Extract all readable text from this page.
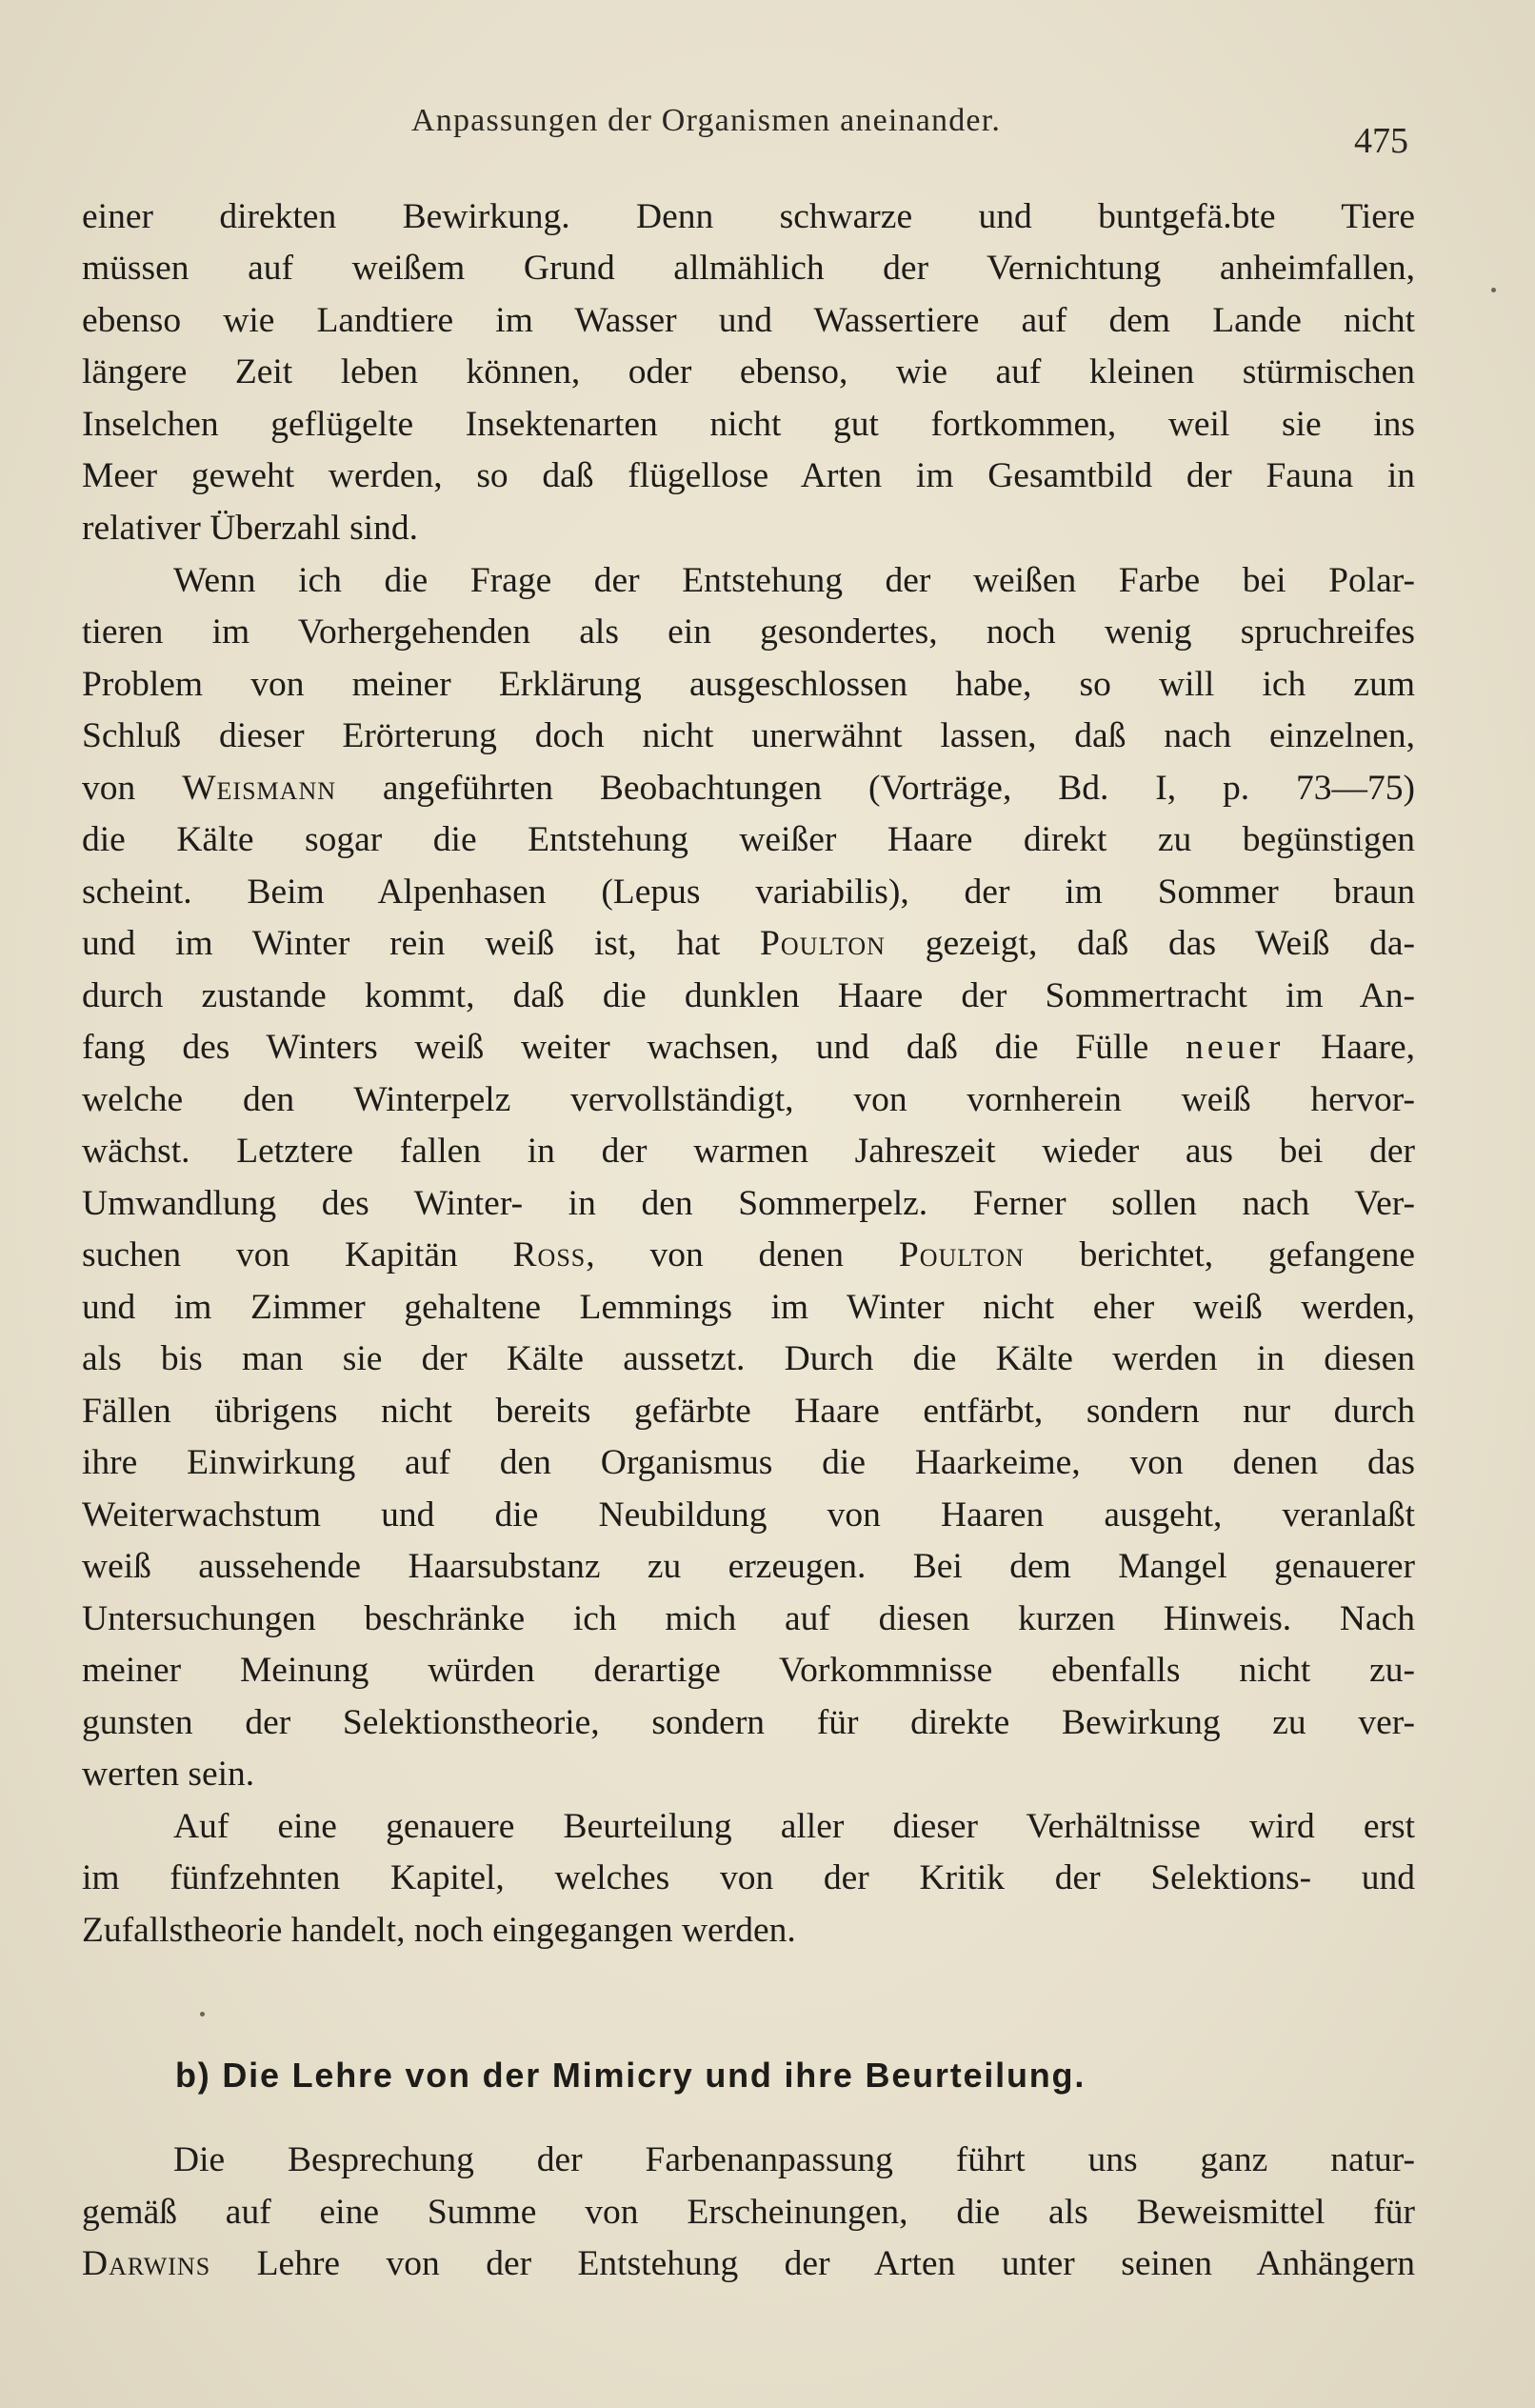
Anpassungen der Organismen aneinander.
475
einer direkten Bewirkung. Denn schwarze und buntgefä.bte Tiere
müssen auf weißem Grund allmählich der Vernichtung anheimfallen,
ebenso wie Landtiere im Wasser und Wassertiere auf dem Lande nicht
längere Zeit leben können, oder ebenso, wie auf kleinen stürmischen
Inselchen geflügelte Insektenarten nicht gut fortkommen, weil sie ins
Meer geweht werden, so daß flügellose Arten im Gesamtbild der Fauna in
relativer Überzahl sind.
Wenn ich die Frage der Entstehung der weißen Farbe bei Polar-
tieren im Vorhergehenden als ein gesondertes, noch wenig spruchreifes
Problem von meiner Erklärung ausgeschlossen habe, so will ich zum
Schluß dieser Erörterung doch nicht unerwähnt lassen, daß nach einzelnen,
von Weismann angeführten Beobachtungen (Vorträge, Bd. I, p. 73—75)
die Kälte sogar die Entstehung weißer Haare direkt zu begünstigen
scheint. Beim Alpenhasen (Lepus variabilis), der im Sommer braun
und im Winter rein weiß ist, hat Poulton gezeigt, daß das Weiß da-
durch zustande kommt, daß die dunklen Haare der Sommertracht im An-
fang des Winters weiß weiter wachsen, und daß die Fülle neuer Haare,
welche den Winterpelz vervollständigt, von vornherein weiß hervor-
wächst. Letztere fallen in der warmen Jahreszeit wieder aus bei der
Umwandlung des Winter- in den Sommerpelz. Ferner sollen nach Ver-
suchen von Kapitän Ross, von denen Poulton berichtet, gefangene
und im Zimmer gehaltene Lemmings im Winter nicht eher weiß werden,
als bis man sie der Kälte aussetzt. Durch die Kälte werden in diesen
Fällen übrigens nicht bereits gefärbte Haare entfärbt, sondern nur durch
ihre Einwirkung auf den Organismus die Haarkeime, von denen das
Weiterwachstum und die Neubildung von Haaren ausgeht, veranlaßt
weiß aussehende Haarsubstanz zu erzeugen. Bei dem Mangel genauerer
Untersuchungen beschränke ich mich auf diesen kurzen Hinweis. Nach
meiner Meinung würden derartige Vorkommnisse ebenfalls nicht zu-
gunsten der Selektionstheorie, sondern für direkte Bewirkung zu ver-
werten sein.
Auf eine genauere Beurteilung aller dieser Verhältnisse wird erst
im fünfzehnten Kapitel, welches von der Kritik der Selektions- und
Zufallstheorie handelt, noch eingegangen werden.
Die Besprechung der Farbenanpassung führt uns ganz natur-
gemäß auf eine Summe von Erscheinungen, die als Beweismittel für
Darwins Lehre von der Entstehung der Arten unter seinen Anhängern
b) Die Lehre von der Mimicry und ihre Beurteilung.
